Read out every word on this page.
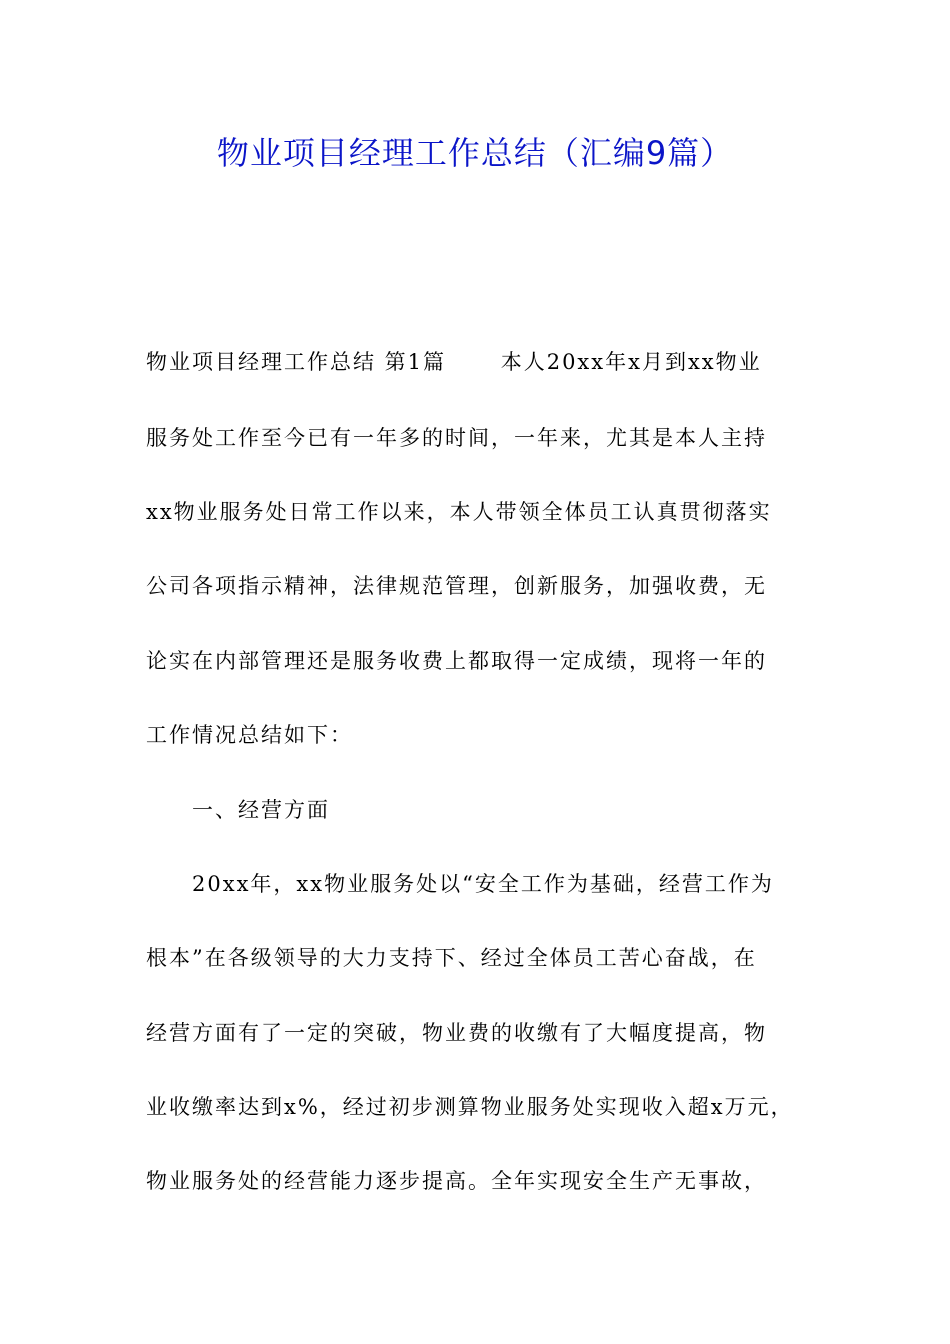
物业项目经理工作总结（汇编9篇）
物业项目经理工作总结 第1篇　　 本人20xx年x月到xx物业
服务处工作至今已有一年多的时间，一年来，尤其是本人主持
xx物业服务处日常工作以来，本人带领全体员工认真贯彻落实
公司各项指示精神，法律规范管理，创新服务，加强收费，无
论实在内部管理还是服务收费上都取得一定成绩，现将一年的
工作情况总结如下：
　　一、经营方面
　　20xx年，xx物业服务处以“安全工作为基础，经营工作为
根本”在各级领导的大力支持下、经过全体员工苦心奋战，在
经营方面有了一定的突破，物业费的收缴有了大幅度提高，物
业收缴率达到x%，经过初步测算物业服务处实现收入超x万元，
物业服务处的经营能力逐步提高。全年实现安全生产无事故，
